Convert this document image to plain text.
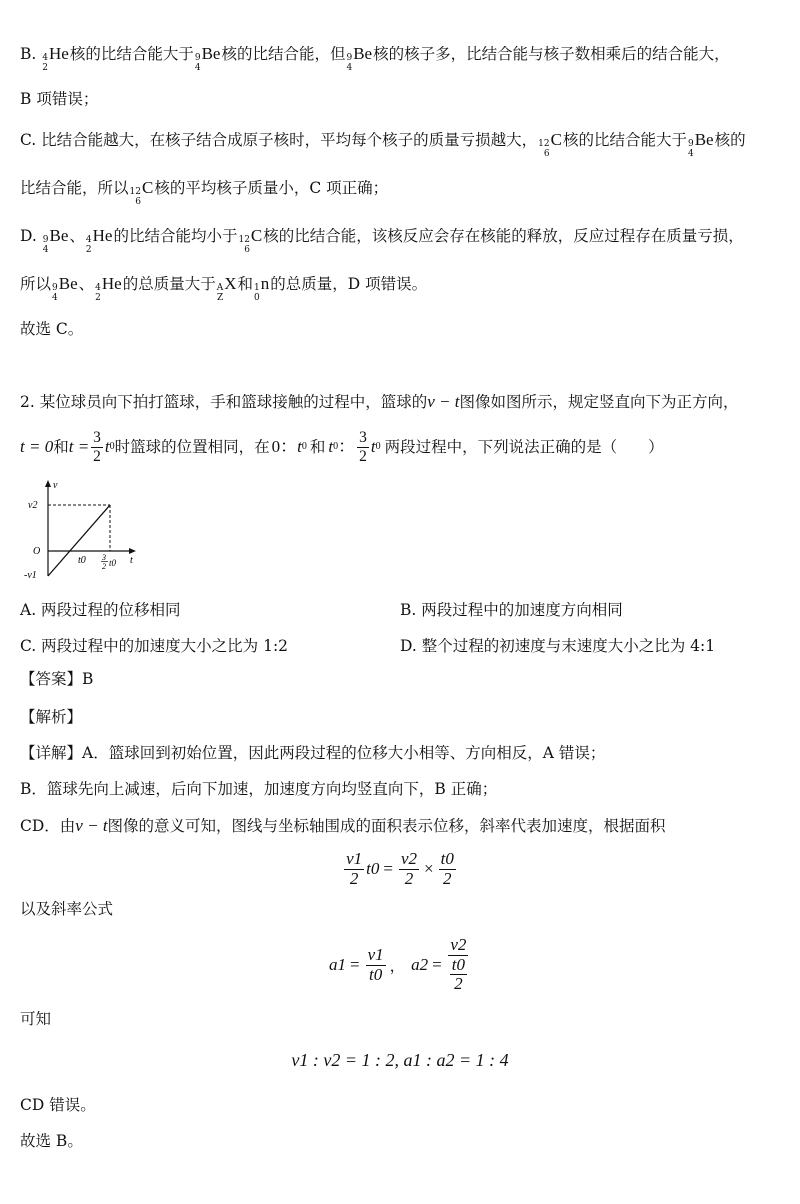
B. 4
2
He 核的比结合能大于 9
4
Be 核的比结合能，但 9
4
Be 核的核子多，比结合能与核子数相乘后的结合能大，
B 项错误；
C. 比结合能越大，在核子结合成原子核时，平均每个核子的质量亏损越大， 12
6
C 核的比结合能大于 9
4
Be 核的
比结合能，所以 12
6
C 核的平均核子质量小，C 项正确；
D. 9
4
Be 、 4
2
He 的比结合能均小于 12
6
C 核的比结合能，该核反应会存在核能的释放，反应过程存在质量亏损，
所以 9
4
Be 、 4
2
He 的总质量大于 A
Z
X 和 1
0
n 的总质量，D 项错误。
故选 C。
2. 某位球员向下拍打篮球，手和篮球接触的过程中，篮球的v − t图像如图所示，规定竖直向下为正方向，
t = 0 和 $t = \frac{3}{2}$ t 0 时篮球的位置相同，在 0： t 0 和 t 0 ： $\frac{3}{2}$ t 0 两段过程中，下列说法正确的是（　　）
v
v2
O
-v1
t0 3
2 t0 t
A. 两段过程的位移相同	B. 两段过程中的加速度方向相同
C. 两段过程中的加速度大小之比为 1:2	D. 整个过程的初速度与末速度大小之比为 4:1
【答案】B
【解析】
【详解】A．篮球回到初始位置，因此两段过程的位移大小相等、方向相反，A 错误；
B．篮球先向上减速，后向下加速，加速度方向均竖直向下，B 正确；
CD．由v − t图像的意义可知，图线与坐标轴围成的面积表示位移，斜率代表加速度，根据面积
$\frac{v1}{2} t0 = \frac{v2}{2} \times \frac{t0}{2}$
以及斜率公式
$a1 = \frac{v1}{t0}$ ， $a2 = \frac{v2}{\frac{t0}{2}}$
可知
v1 : v2 = 1 : 2, a1 : a2 = 1 : 4
CD 错误。
故选 B。
